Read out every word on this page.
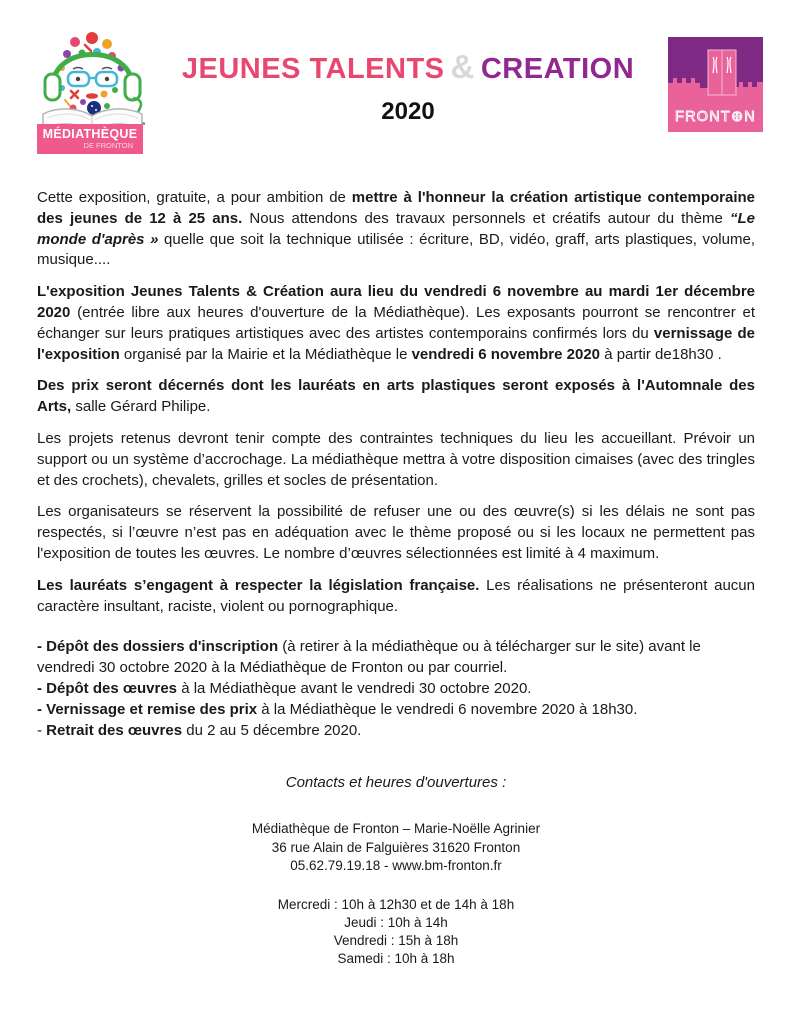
MÉDIATHÈQUE
DE FRONTON
JEUNES TALENTS & CREATION
2020	FRONT⊕N

Cette exposition, gratuite, a pour ambition de mettre à l'honneur la création artistique contemporaine des jeunes de 12 à 25 ans. Nous attendons des travaux personnels et créatifs autour du thème “Le monde d'après » quelle que soit la technique utilisée : écriture, BD, vidéo, graff, arts plastiques, volume, musique....

L'exposition Jeunes Talents & Création aura lieu du vendredi 6 novembre au mardi 1er décembre 2020 (entrée libre aux heures d'ouverture de la Médiathèque). Les exposants pourront se rencontrer et échanger sur leurs pratiques artistiques avec des artistes contemporains confirmés lors du vernissage de l'exposition organisé par la Mairie et la Médiathèque le vendredi 6 novembre 2020 à partir de18h30 .

Des prix seront décernés dont les lauréats en arts plastiques seront exposés à l'Automnale des Arts, salle Gérard Philipe.

Les projets retenus devront tenir compte des contraintes techniques du lieu les accueillant. Prévoir un support ou un système d’accrochage. La médiathèque mettra à votre disposition cimaises (avec des tringles et des crochets), chevalets, grilles et socles de présentation.

Les organisateurs se réservent la possibilité de refuser une ou des œuvre(s) si les délais ne sont pas respectés, si l’œuvre n’est pas en adéquation avec le thème proposé ou si les locaux ne permettent pas l'exposition de toutes les œuvres. Le nombre d’œuvres sélectionnées est limité à 4 maximum.

Les lauréats s’engagent à respecter la législation française. Les réalisations ne présenteront aucun caractère insultant, raciste, violent ou pornographique.

- Dépôt des dossiers d'inscription (à retirer à la médiathèque ou à télécharger sur le site) avant le vendredi 30 octobre 2020 à la Médiathèque de Fronton ou par courriel.

- Dépôt des œuvres à la Médiathèque avant le vendredi 30 octobre 2020.

- Vernissage et remise des prix à la Médiathèque le vendredi 6 novembre 2020 à 18h30.

- Retrait des œuvres du 2 au 5 décembre 2020.

Contacts et heures d'ouvertures :
Médiathèque de Fronton – Marie-Noëlle Agrinier
36 rue Alain de Falguières 31620 Fronton
05.62.79.19.18 - www.bm-fronton.fr
Mercredi : 10h à 12h30 et de 14h à 18h
Jeudi : 10h à 14h
Vendredi : 15h à 18h
Samedi : 10h à 18h
